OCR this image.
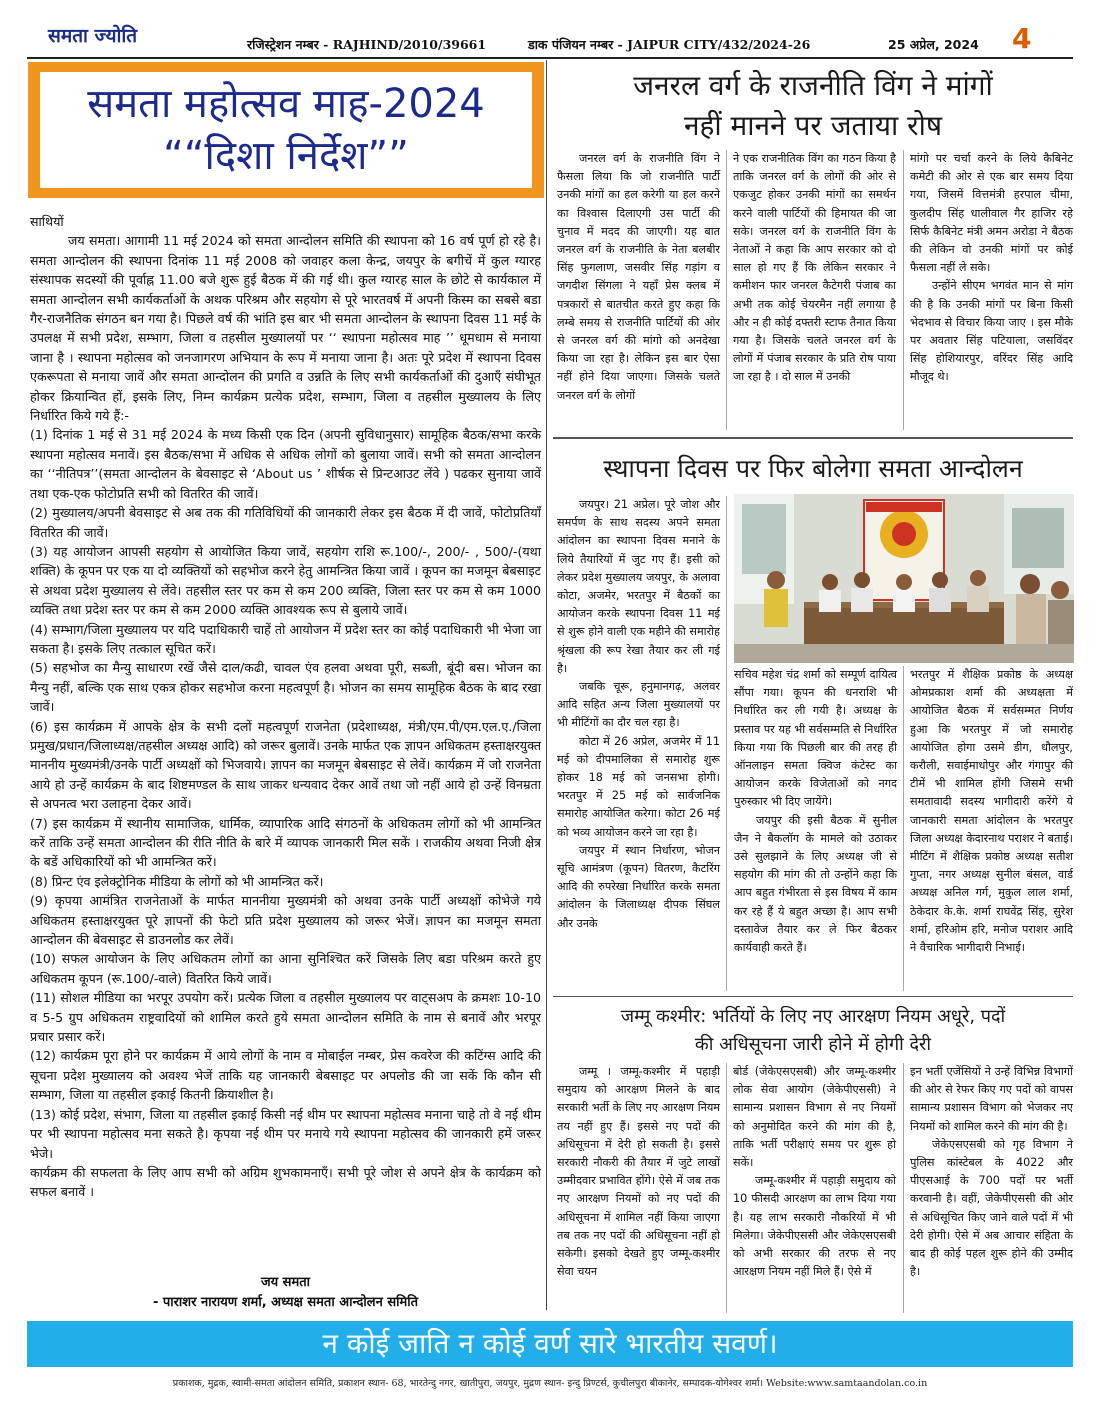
समता ज्योति	रजिस्ट्रेशन नम्बर - RAJHIND/2010/39661	डाक पंजियन नम्बर - JAIPUR CITY/432/2024-26	25 अप्रेल, 2024 4
समता महोत्सव माह-2024
““दिशा निर्देश””

साथियों

जय समता। आगामी 11 मई 2024 को समता आन्दोलन समिति की स्थापना को 16 वर्ष पूर्ण हो रहे है। समता आन्दोलन की स्थापना दिनांक 11 मई 2008 को जवाहर कला केन्द्र, जयपुर के बगीचें में कुल ग्यारह संस्थापक सदस्यों की पूर्वाह्न 11.00 बजे शुरू हुई बैठक में की गई थी। कुल ग्यारह साल के छोटे से कार्यकाल में समता आन्दोलन सभी कार्यकर्ताओं के अथक परिश्रम और सहयोग से पूरे भारतवर्ष में अपनी किस्म का सबसे बडा गैर-राजनैतिक संगठन बन गया है। पिछले वर्ष की भांति इस बार भी समता आन्दोलन के स्थापना दिवस 11 मई के उपलक्ष में सभी प्रदेश, सम्भाग, जिला व तहसील मुख्यालयों पर ‘‘ स्थापना महोत्सव माह ’’ धूमधाम से मनाया जाना है । स्थापना महोत्सव को जनजागरण अभियान के रूप में मनाया जाना है। अतः पूरे प्रदेश में स्थापना दिवस एकरूपता से मनाया जावें और समता आन्दोलन की प्रगति व उन्नति के लिए सभी कार्यकर्ताओं की दुआएँ संघीभूत होकर क्रियान्वित हों, इसके लिए, निम्न कार्यक्रम प्रत्येक प्रदेश, सम्भाग, जिला व तहसील मुख्यालय के लिए निर्धारित किये गये हैं:-

(1) दिनांक 1 मई से 31 मई 2024 के मध्य किसी एक दिन (अपनी सुविधानुसार) सामूहिक बैठक/सभा करके स्थापना महोत्सव मनावें। इस बैठक/सभा में अधिक से अधिक लोगों को बुलाया जावें। सभी को समता आन्दोलन का ‘‘नीतिपत्र’’(समता आन्दोलन के बेवसाइट से ‘About us ’ शीर्षक से प्रिन्टआउट लेंवे ) पढकर सुनाया जावें तथा एक-एक फोटोप्रति सभी को वितरित की जावें।

(2) मुख्यालय/अपनी बेवसाइट से अब तक की गतिविधियों की जानकारी लेकर इस बैठक में दी जावें, फोटोप्रतियाँ वितरित की जावें।

(3) यह आयोजन आपसी सहयोग से आयोजित किया जावें, सहयोग राशि रू.100/-, 200/- , 500/-(यथा शक्ति) के कूपन पर एक या दो व्यक्तियों को सहभोज करने हेतु आमन्त्रित किया जावें । कूपन का मजमून बेबसाइट से अथवा प्रदेश मुख्यालय से लेंवे। तहसील स्तर पर कम से कम 200 व्यक्ति, जिला स्तर पर कम से कम 1000 व्यक्ति तथा प्रदेश स्तर पर कम से कम 2000 व्यक्ति आवश्यक रूप से बुलाये जावें।

(4) सम्भाग/जिला मुख्यालय पर यदि पदाधिकारी चाहें तो आयोजन में प्रदेश स्तर का कोई पदाधिकारी भी भेजा जा सकता है। इसके लिए तत्काल सूचित करें।

(5) सहभोज का मैन्यु साधारण रखें जैसे दाल/कढी, चावल एंव हलवा अथवा पूरी, सब्जी, बूंदी बस। भोजन का मैन्यु नहीं, बल्कि एक साथ एकत्र होकर सहभोज करना महत्वपूर्ण है। भोजन का समय सामूहिक बैठक के बाद रखा जावें।

(6) इस कार्यक्रम में आपके क्षेत्र के सभी दलों महत्वपूर्ण राजनेता (प्रदेशाध्यक्ष, मंत्री/एम.पी/एम.एल.ए./जिला प्रमुख/प्रधान/जिलाध्यक्ष/तहसील अध्यक्ष आदि) को जरूर बुलावें। उनके मार्फत एक ज्ञापन अधिकतम हस्ताक्षरयुक्त माननीय मुख्यमंत्री/उनके पार्टी अध्यक्षों को भिजवाये। ज्ञापन का मजमून बेबसाइट से लेवें। कार्यक्रम में जो राजनेता आये हो उन्हें कार्यक्रम के बाद शिष्टमण्डल के साथ जाकर धन्यवाद देकर आवें तथा जो नहीं आये हो उन्हें विनम्रता से अपनत्व भरा उलाहना देकर आवें।

(7) इस कार्यक्रम में स्थानीय सामाजिक, धार्मिक, व्यापारिक आदि संगठनों के अधिकतम लोगों को भी आमन्त्रित करें ताकि उन्हें समता आन्दोलन की रीति नीति के बारे में व्यापक जानकारी मिल सकें । राजकीय अथवा निजी क्षेत्र के बडें अधिकारियों को भी आमन्त्रित करें।

(8) प्रिन्ट एंव इलेक्ट्रोनिक मीडिया के लोगों को भी आमन्त्रित करें।

(9) कृपया आमंत्रित राजनेताओं के मार्फत माननीया मुख्यमंत्री को अथवा उनके पार्टी अध्यक्षों कोभेजे गये अधिकतम हस्ताक्षरयुक्त पूरे ज्ञापनों की फेटो प्रति प्रदेश मुख्यालय को जरूर भेजें। ज्ञापन का मजमून समता आन्दोलन की बेवसाइट से डाउनलोड कर लेवें।

(10) सफल आयोजन के लिए अधिकतम लोगों का आना सुनिश्चित करें जिसके लिए बडा परिश्रम करते हुए अधिकतम कूपन (रू.100/-वाले) वितरित किये जावें।

(11) सोशल मीडिया का भरपूर उपयोग करें। प्रत्येक जिला व तहसील मुख्यालय पर वाट्सअप के क्रमशः 10-10 व 5-5 ग्रुप अधिकतम राष्ट्रवादियों को शामिल करते हुये समता आन्दोलन समिति के नाम से बनावें और भरपूर प्रचार प्रसार करें।

(12) कार्यक्रम पूरा होने पर कार्यक्रम में आये लोगों के नाम व मोबाईल नम्बर, प्रेस कवरेज की कटिंग्स आदि की सूचना प्रदेश मुख्यालय को अवश्य भेजें ताकि यह जानकारी बेबसाइट पर अपलोड की जा सकें कि कौन सी सम्भाग, जिला या तहसील इकाई कितनी क्रियाशील है।

(13) कोई प्रदेश, संभाग, जिला या तहसील इकाई किसी नई थीम पर स्थापना महोत्सव मनाना चाहे तो वे नई थीम पर भी स्थापना महोत्सव मना सकते है। कृपया नई थीम पर मनाये गये स्थापना महोत्सव की जानकारी हमें जरूर भेजे।

कार्यक्रम की सफलता के लिए आप सभी को अग्रिम शुभकामनाएँ। सभी पूरे जोश से अपने क्षेत्र के कार्यक्रम को सफल बनावें ।

जय समता
- पाराशर नारायण शर्मा, अध्यक्ष समता आन्दोलन समिति
जनरल वर्ग के राजनीति विंग ने मांगों
नहीं मानने पर जताया रोष

जनरल वर्ग के राजनीति विंग ने फैसला लिया कि जो राजनीति पार्टी उनकी मांगों का हल करेगी या हल करने का विश्वास दिलाएगी उस पार्टी की चुनाव में मदद की जाएगी। यह बात जनरल वर्ग के राजनीति के नेता बलबीर सिंह फुगलाण, जसवीर सिंह गड़ांग व जगदीश सिंगला ने यहाँ प्रेस क्लब में पत्रकारों से बातचीत करते हुए कहा कि लम्बे समय से राजनीति पार्टियों की ओर से जनरल वर्ग की मांगो को अनदेखा किया जा रहा है। लेकिन इस बार ऐसा नहीं होने दिया जाएगा। जिसके चलते जनरल वर्ग के लोगों

ने एक राजनीतिक विंग का गठन किया है ताकि जनरल वर्ग के लोगों की ओर से एकजुट होकर उनकी मांगों का समर्थन करने वाली पार्टियों की हिमायत की जा सके। जनरल वर्ग के राजनीति विंग के नेताओं ने कहा कि आप सरकार को दो साल हो गए हैं कि लेकिन सरकार ने कमीशन फार जनरल कैटेगरी पंजाब का अभी तक कोई चेयरमैन नहीं लगाया है और न ही कोई दफ्तरी स्टाफ तैनात किया गया है। जिसके चलते जनरल वर्ग के लोगों में पंजाब सरकार के प्रति रोष पाया जा रहा है । दो साल में उनकी

मांगो पर चर्चा करने के लिये कैबिनेट कमेटी की ओर से एक बार समय दिया गया, जिसमें वित्तमंत्री हरपाल चीमा, कुलदीप सिंह धालीवाल गैर हाजिर रहे सिर्फ कैबिनेट मंत्री अमन अरोडा ने बैठक की लेकिन वो उनकी मांगों पर कोई फैसला नहीं ले सके।

उन्होंने सीएम भगवंत मान से मांग की है कि उनकी मांगों पर बिना किसी भेदभाव से विचार किया जाए । इस मौके पर अवतार सिंह पटियाला, जसविंदर सिंह होशियारपुर, वरिंदर सिंह आदि मौजूद थे।

स्थापना दिवस पर फिर बोलेगा समता आन्दोलन

जयपुर। 21 अप्रेल। पूरे जोश और समर्पण के साथ सदस्य अपने समता आंदोलन का स्थापना दिवस मनाने के लिये तैयारियों में जुट गए हैं। इसी को लेकर प्रदेश मुख्यालय जयपुर, के अलावा कोटा, अजमेर, भरतपुर में बैठकों का आयोजन करके स्थापना दिवस 11 मई से शुरू होने वाली एक महीने की समारोह श्रृंखला की रूप रेखा तैयार कर ली गई है।

जबकि चूरू, हनुमानगढ़, अलवर आदि सहित अन्य जिला मुख्यालयों पर भी मीटिंगों का दौर चल रहा है।

कोटा में 26 अप्रेल, अजमेर में 11 मई को दीपमालिका से समारोह शुरू होकर 18 मई को जनसभा होगी। भरतपुर में 25 मई को सार्वजनिक समारोह आयोजित करेगा। कोटा 26 मई को भव्य आयोजन करने जा रहा है।

जयपुर में स्थान निर्धारण, भोजन सूचि आमंत्रण (कूपन) वितरण, कैटरिंग आदि की रुपरेखा निर्धारित करके समता आंदोलन के जिलाध्यक्ष दीपक सिंघल और उनके

सचिव महेश चंद्र शर्मा को सम्पूर्ण दायित्व सौंपा गया। कूपन की धनराशि भी निर्धारित कर ली गयी है। अध्यक्ष के प्रस्ताव पर यह भी सर्वसम्मति से निर्धारित किया गया कि पिछली बार की तरह ही ऑनलाइन समता क्विज कंटेस्ट का आयोजन करके विजेताओं को नगद पुरुस्कार भी दिए जायेंगे।

जयपुर की इसी बैठक में सुनील जैन ने बैकलॉग के मामले को उठाकर उसे सुलझाने के लिए अध्यक्ष जी से सहयोग की मांग की तो उन्होंने कहा कि आप बहुत गंभीरता से इस विषय में काम कर रहे हैं ये बहुत अच्छा है। आप सभी दस्तावेज तैयार कर ले फिर बैठकर कार्यवाही करते हैं।

भरतपुर में शैक्षिक प्रकोष्ठ के अध्यक्ष ओमप्रकाश शर्मा की अध्यक्षता में आयोजित बैठक में सर्वसम्मत निर्णय हुआ कि भरतपुर में जो समारोह आयोजित होगा उसमे डीग, धौलपुर, करौली, सवाईमाधोपुर और गंगापुर की टीमें भी शामिल होंगी जिसमे सभी समतावादी सदस्य भागीदारी करेंगे ये जानकारी समता आंदोलन के भरतपुर जिला अध्यक्ष केदारनाथ पराशर ने बताई। मीटिंग में शैक्षिक प्रकोष्ठ अध्यक्ष सतीश गुप्ता, नगर अध्यक्ष सुनील बंसल, वार्ड अध्यक्ष अनिल गर्ग, मुकुल लाल शर्मा, ठेकेदार के.के. शर्मा राघवेंद्र सिंह, सुरेश शर्मा, हरिओम हरि, मनोज पराशर आदि ने वैचारिक भागीदारी निभाई।

जम्मू कश्मीर: भर्तियों के लिए नए आरक्षण नियम अधूरे, पदों
की अधिसूचना जारी होने में होगी देरी

जम्मू । जम्मू-कश्मीर में पहाड़ी समुदाय को आरक्षण मिलने के बाद सरकारी भर्ती के लिए नए आरक्षण नियम तय नहीं हुए हैं। इससे नए पदों की अधिसूचना में देरी हो सकती है। इससे सरकारी नौकरी की तैयार में जुटे लाखों उम्मीदवार प्रभावित होंगे। ऐसे में जब तक नए आरक्षण नियमों को नए पदों की अधिसूचना में शामिल नहीं किया जाएगा तब तक नए पदों की अधिसूचना नहीं हो सकेगी। इसको देखते हुए जम्मू-कश्मीर सेवा चयन

बोर्ड (जेकेएसएसबी) और जम्मू-कश्मीर लोक सेवा आयोग (जेकेपीएससी) ने सामान्य प्रशासन विभाग से नए नियमों को अनुमोदित करने की मांग की है, ताकि भर्ती परीक्षाएं समय पर शुरू हो सकें।

जम्मू-कश्मीर में पहाड़ी समुदाय को 10 फीसदी आरक्षण का लाभ दिया गया है। यह लाभ सरकारी नौकरियों में भी मिलेगा। जेकेपीएससी और जेकेएसएसबी को अभी सरकार की तरफ से नए आरक्षण नियम नहीं मिले हैं। ऐसे में

इन भर्ती एजेंसियों ने उन्हें विभिन्न विभागों की ओर से रेफर किए गए पदों को वापस सामान्य प्रशासन विभाग को भेजकर नए नियमों को शामिल करने की मांग की है।

जेकेएसएसबी को गृह विभाग ने पुलिस कांस्टेबल के 4022 और पीएसआई के 700 पदों पर भर्ती करवानी है। वहीं, जेकेपीएससी की ओर से अधिसूचित किए जाने वाले पदों में भी देरी होगी। ऐसे में अब आचार संहिता के बाद ही कोई पहल शुरू होने की उम्मीद है।

न कोई जाति न कोई वर्ण सारे भारतीय सवर्ण।
प्रकाशक, मुद्रक, स्वामी-समता आंदोलन समिति, प्रकाशन स्थान- 68, भारतेन्दु नगर, खातीपुरा, जयपुर, मुद्रण स्थान- इन्दु प्रिण्टर्स, कुचीलपुरा बीकानेर, सम्पादक-योगेश्वर शर्मा। Website:www.samtaandolan.co.in
